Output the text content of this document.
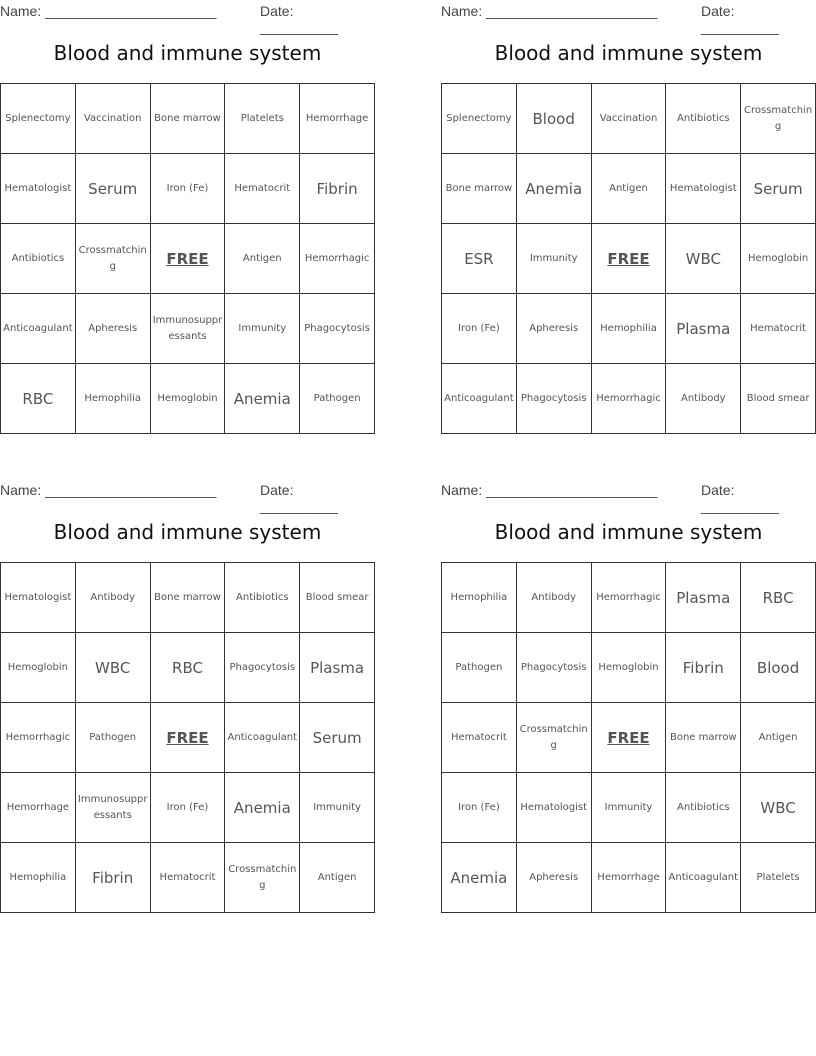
Name: ______________________	Date: __________
Blood and immune system
Splenectomy	Vaccination	Bone marrow	Platelets	Hemorrhage
Hematologist	Serum	Iron (Fe)	Hematocrit	Fibrin
Antibiotics	Crossmatching	FREE	Antigen	Hemorrhagic
Anticoagulant	Apheresis	Immunosuppressants	Immunity	Phagocytosis
RBC	Hemophilia	Hemoglobin	Anemia	Pathogen
Name: ______________________	Date: __________
Blood and immune system
Splenectomy	Blood	Vaccination	Antibiotics	Crossmatching
Bone marrow	Anemia	Antigen	Hematologist	Serum
ESR	Immunity	FREE	WBC	Hemoglobin
Iron (Fe)	Apheresis	Hemophilia	Plasma	Hematocrit
Anticoagulant	Phagocytosis	Hemorrhagic	Antibody	Blood smear
Name: ______________________	Date: __________
Blood and immune system
Hematologist	Antibody	Bone marrow	Antibiotics	Blood smear
Hemoglobin	WBC	RBC	Phagocytosis	Plasma
Hemorrhagic	Pathogen	FREE	Anticoagulant	Serum
Hemorrhage	Immunosuppressants	Iron (Fe)	Anemia	Immunity
Hemophilia	Fibrin	Hematocrit	Crossmatching	Antigen
Name: ______________________	Date: __________
Blood and immune system
Hemophilia	Antibody	Hemorrhagic	Plasma	RBC
Pathogen	Phagocytosis	Hemoglobin	Fibrin	Blood
Hematocrit	Crossmatching	FREE	Bone marrow	Antigen
Iron (Fe)	Hematologist	Immunity	Antibiotics	WBC
Anemia	Apheresis	Hemorrhage	Anticoagulant	Platelets
